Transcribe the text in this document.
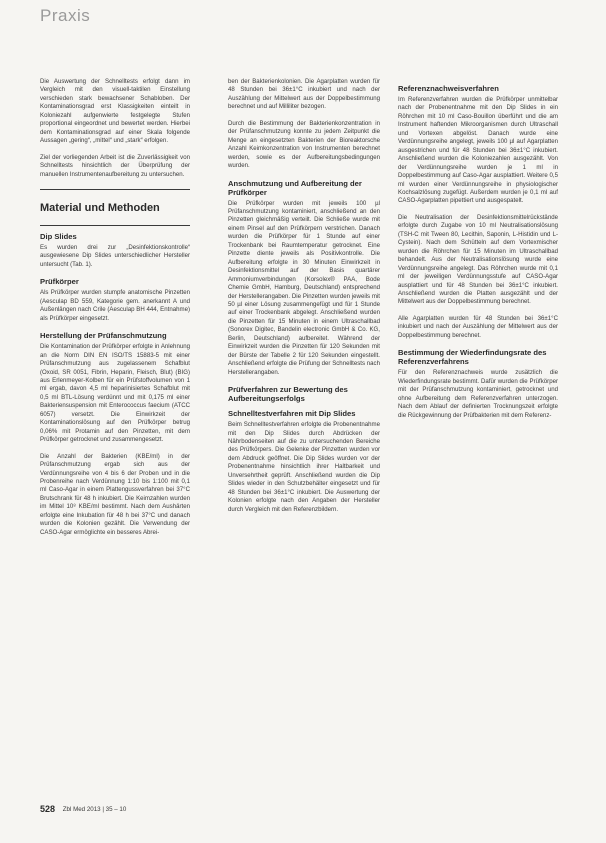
Praxis

Die Auswertung der Schnelltests erfolgt dann im Vergleich mit den visuell-taktilen Einstellung verschieden stark bewachsener Schabloben. Der Kontaminationsgrad erst Klassigkeiten einteilt in Koloniezahl aufgenwierte festgelegte Stufen proportional eingeordnet und bewertet werden. Hierbei dem Kontaminationsgrad auf einer Skala folgende Aussagen „gering“, „mittel“ und „stark“ erfolgen.

Ziel der vorliegenden Arbeit ist die Zuverlässigkeit von Schnelltests hinsichtlich der Überprüfung der manuellen Instrumentenaufbereitung zu untersuchen.

Material und Methoden
Dip Slides

Es wurden drei zur „Desinfektionskontrolle“ ausgewiesene Dip Slides unterschiedlicher Hersteller untersucht (Tab. 1).

Prüfkörper

Als Prüfkörper wurden stumpfe anatomische Pinzetten (Aesculap BD 559, Kategorie gem. anerkannt A und Außenlängen nach Crile (Aesculap BH 444, Entnahme) als Prüfkörper eingesetzt.

Herstellung der Prüfanschmutzung

Die Kontamination der Prüfkörper erfolgte in Anlehnung an die Norm DIN EN ISO/TS 15883-5 mit einer Prüfanschmutzung aus zugelassenem Schafblut (Oxoid, SR 0051, Fibrin, Heparin, Fleisch, Blut) (BIG) aus Erlenmeyer-Kolben für ein Prüfstoffvolumen von 1 ml ergab, davon 4,5 ml heparinisiertes Schafblut mit 0,5 ml BTL-Lösung verdünnt und mit 0,175 ml einer Bakteriensuspension mit Enterococcus faecium (ATCC 6057) versetzt. Die Einwirkzeit der Kontaminationslösung auf den Prüfkörper betrug 0,06% mit Protamin auf den Pinzetten, mit dem Prüfkörper getrocknet und zusammengesetzt.

Die Anzahl der Bakterien (KBE/ml) in der Prüfanschmutzung ergab sich aus der Verdünnungsreihe von 4 bis 6 der Proben und in die Probenreihe nach Verdünnung 1:10 bis 1:100 mit 0,1 ml Caso-Agar in einem Plattengussverfahren bei 37°C Brutschrank für 48 h inkubiert. Die Keimzahlen wurden im Mittel 10⁸ KBE/ml bestimmt. Nach dem Aushärten erfolgte eine Inkubation für 48 h bei 37°C und danach wurden die Kolonien gezählt. Die Verwendung der CASO-Agar ermöglichte ein besseres Abrei-

ben der Bakterienkolonien. Die Agarplatten wurden für 48 Stunden bei 36±1°C inkubiert und nach der Auszählung der Mittelwert aus der Doppelbestimmung berechnet und auf Milliliter bezogen.

Durch die Bestimmung der Bakterienkonzentration in der Prüfanschmutzung konnte zu jedem Zeitpunkt die Menge an eingesetzten Bakterien der Bioreaktorsche Anzahl Keimkonzentration von Instrumenten berechnet werden, sowie es der Aufbereitungsbedingungen wurden.

Anschmutzung und Aufbereitung der Prüfkörper

Die Prüfkörper wurden mit jeweils 100 µl Prüfanschmutzung kontaminiert, anschließend an den Pinzetten gleichmäßig verteilt. Die Schließe wurde mit einem Pinsel auf den Prüfkörpern verstrichen. Danach wurden die Prüfkörper für 1 Stunde auf einer Trockenbank bei Raumtemperatur getrocknet. Eine Pinzette diente jeweils als Positivkontrolle. Die Aufbereitung erfolgte in 30 Minuten Einwirkzeit in Desinfektionsmittel auf der Basis quartärer Ammoniumverbindungen (Korsolex® PAA, Bode Chemie GmbH, Hamburg, Deutschland) entsprechend der Herstellerangaben. Die Pinzetten wurden jeweils mit 50 µl einer Lösung zusammengefügt und für 1 Stunde auf einer Trockenbank abgelegt. Anschließend wurden die Pinzetten für 15 Minuten in einem Ultraschallbad (Sonorex Digitec, Bandelin electronic GmbH & Co. KG, Berlin, Deutschland) aufbereitet. Während der Einwirkzeit wurden die Pinzetten für 120 Sekunden mit der Bürste der Tabelle 2 für 120 Sekunden eingestellt. Anschließend erfolgte die Prüfung der Schnelltests nach Herstellerangaben.

Prüfverfahren zur Bewertung des Aufbereitungserfolgs
Schnelltestverfahren mit Dip Slides

Beim Schnelltestverfahren erfolgte die Probenentnahme mit den Dip Slides durch Abdrücken der Nährbodenseiten auf die zu untersuchenden Bereiche des Prüfkörpers. Die Gelenke der Pinzetten wurden vor dem Abdruck geöffnet. Die Dip Slides wurden vor der Probenentnahme hinsichtlich ihrer Haltbarkeit und Unversehrtheit geprüft. Anschließend wurden die Dip Slides wieder in den Schutzbehälter eingesetzt und für 48 Stunden bei 36±1°C inkubiert. Die Auswertung der Kolonien erfolgte nach den Angaben der Hersteller durch Vergleich mit den Referenzbildern.

Referenznachweisverfahren

Im Referenzverfahren wurden die Prüfkörper unmittelbar nach der Probenentnahme mit den Dip Slides in ein Röhrchen mit 10 ml Caso-Bouillon überführt und die am Instrument haftenden Mikroorganismen durch Ultraschall und Vortexen abgelöst. Danach wurde eine Verdünnungsreihe angelegt, jeweils 100 µl auf Agarplatten ausgestrichen und für 48 Stunden bei 36±1°C inkubiert. Anschließend wurden die Koloniezahlen ausgezählt. Von der Verdünnungsreihe wurden je 1 ml in Doppelbestimmung auf Caso-Agar ausplattiert. Weitere 0,5 ml wurden einer Verdünnungsreihe in physiologischer Kochsalzlösung zugefügt. Außerdem wurden je 0,1 ml auf CASO-Agarplatten pipettiert und ausgespatelt.

Die Neutralisation der Desinfektionsmittelrückstände erfolgte durch Zugabe von 10 ml Neutralisationslösung (TSH-C mit Tween 80, Lecithin, Saponin, L-Histidin und L-Cystein). Nach dem Schütteln auf dem Vortexmischer wurden die Röhrchen für 15 Minuten im Ultraschallbad behandelt. Aus der Neutralisationslösung wurde eine Verdünnungsreihe angelegt. Das Röhrchen wurde mit 0,1 ml der jeweiligen Verdünnungsstufe auf CASO-Agar ausplattiert und für 48 Stunden bei 36±1°C inkubiert. Anschließend wurden die Platten ausgezählt und der Mittelwert aus der Doppelbestimmung berechnet.

Alle Agarplatten wurden für 48 Stunden bei 36±1°C inkubiert und nach der Auszählung der Mittelwert aus der Doppelbestimmung berechnet.

Bestimmung der Wiederfindungsrate des Referenzverfahrens

Für den Referenznachweis wurde zusätzlich die Wiederfindungsrate bestimmt. Dafür wurden die Prüfkörper mit der Prüfanschmutzung kontaminiert, getrocknet und ohne Aufbereitung dem Referenzverfahren unterzogen. Nach dem Ablauf der definierten Trocknungszeit erfolgte die Rückgewinnung der Prüfbakterien mit dem Referenz-

528 Zbl Med 2013 | 35 – 10
